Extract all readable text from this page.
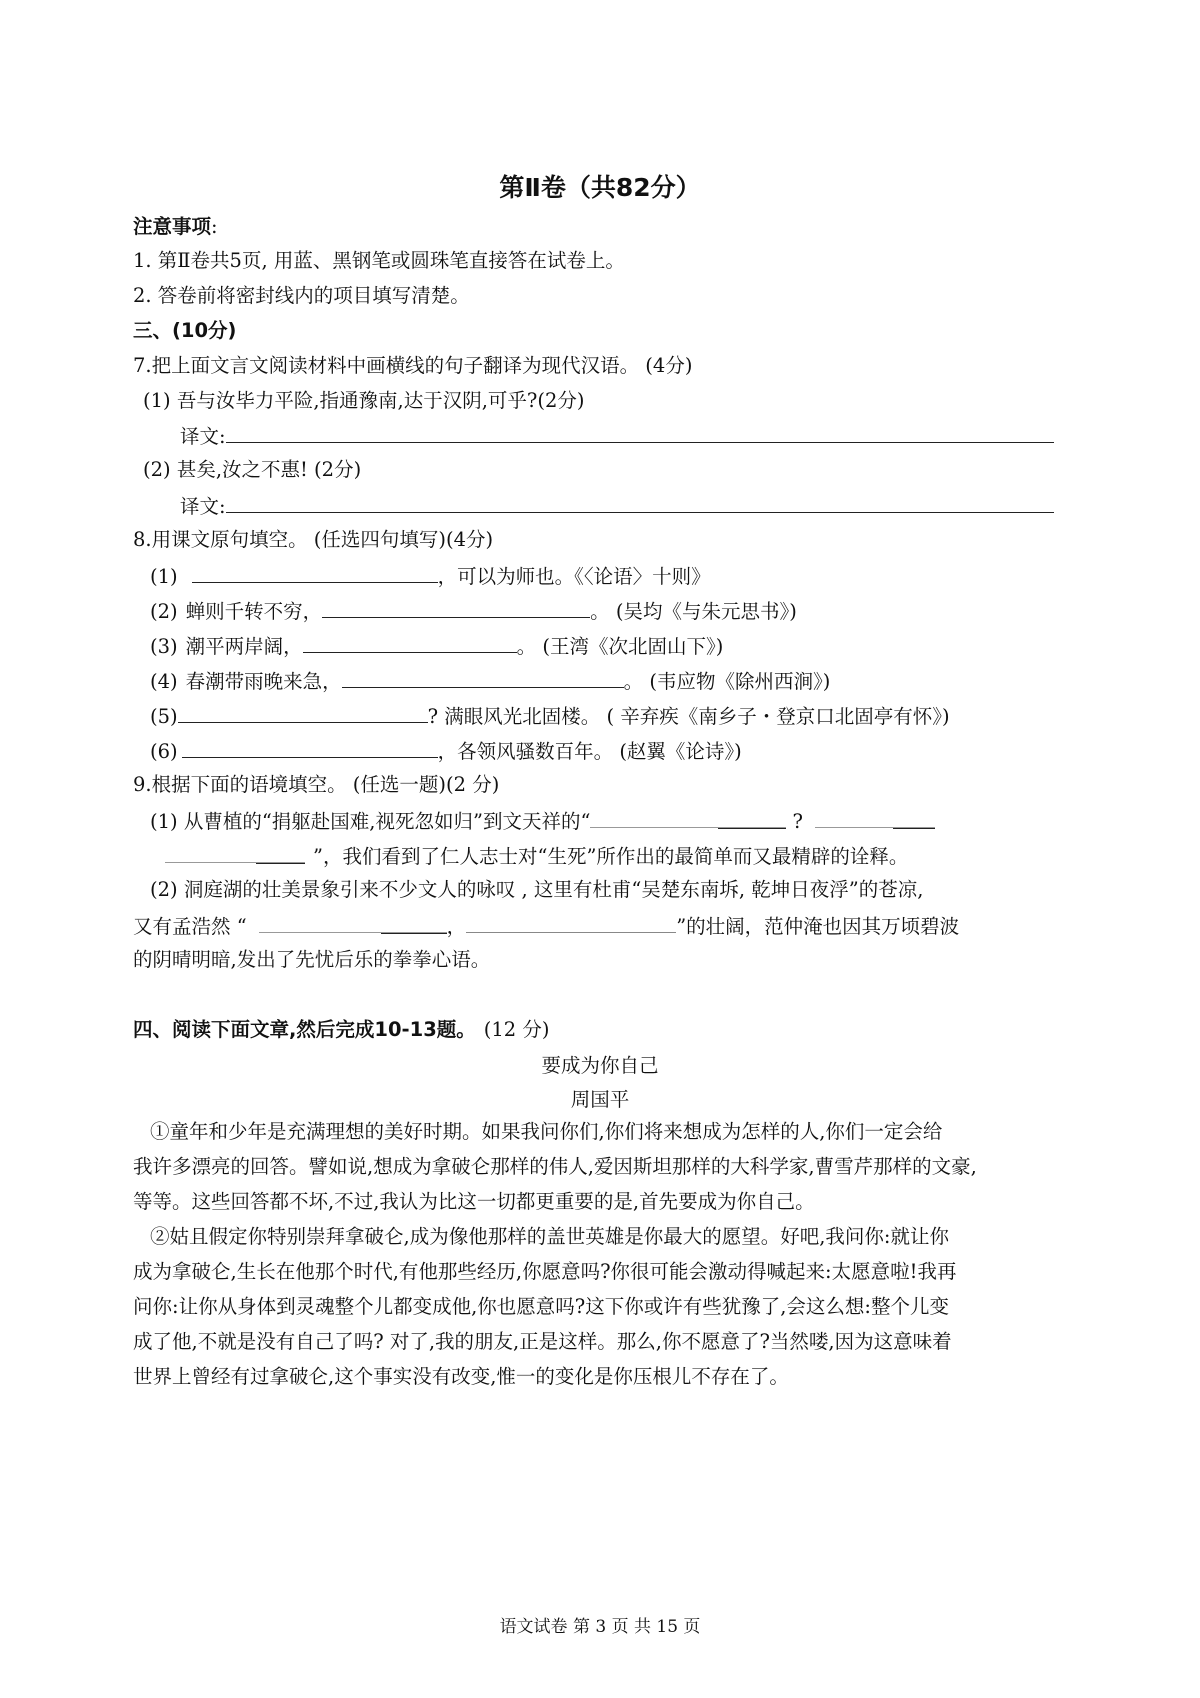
第Ⅱ卷（共82分）
注意事项:
1. 第Ⅱ卷共5页, 用蓝、黑钢笔或圆珠笔直接答在试卷上。
2. 答卷前将密封线内的项目填写清楚。
三、(10分)
7.把上面文言文阅读材料中画横线的句子翻译为现代汉语。 (4分)
(1) 吾与汝毕力平险,指通豫南,达于汉阴,可乎?(2分)
译文:
(2) 甚矣,汝之不惠! (2分)
译文:
8.用课文原句填空。 (任选四句填写)(4分)
(1)	，可以为师也。《〈论语〉十则》
(2) 蝉则千转不穷，	。 (吴均《与朱元思书》)
(3) 潮平两岸阔，	。 (王湾《次北固山下》)
(4) 春潮带雨晚来急，	。 (韦应物《除州西涧》)
(5)	? 满眼风光北固楼。 ( 辛弃疾《南乡子・登京口北固亭有怀》)
(6)	，各领风骚数百年。 (赵翼《论诗》)
9.根据下面的语境填空。 (任选一题)(2 分)
(1) 从曹植的“捐躯赴国难,视死忽如归”到文天祥的“	?
”，我们看到了仁人志士对“生死”所作出的最简单而又最精辟的诠释。
(2) 洞庭湖的壮美景象引来不少文人的咏叹 , 这里有杜甫“吴楚东南坼, 乾坤日夜浮”的苍凉,
又有孟浩然 “	，	”的壮阔，范仲淹也因其万顷碧波
的阴晴明暗,发出了先忧后乐的拳拳心语。
四、阅读下面文章,然后完成10-13题。 (12 分)
要成为你自己
周国平
①童年和少年是充满理想的美好时期。如果我问你们,你们将来想成为怎样的人,你们一定会给
我许多漂亮的回答。譬如说,想成为拿破仑那样的伟人,爱因斯坦那样的大科学家,曹雪芹那样的文豪,
等等。这些回答都不坏,不过,我认为比这一切都更重要的是,首先要成为你自己。
②姑且假定你特别崇拜拿破仑,成为像他那样的盖世英雄是你最大的愿望。好吧,我问你:就让你
成为拿破仑,生长在他那个时代,有他那些经历,你愿意吗?你很可能会激动得喊起来:太愿意啦!我再
问你:让你从身体到灵魂整个儿都变成他,你也愿意吗?这下你或许有些犹豫了,会这么想:整个儿变
成了他,不就是没有自己了吗? 对了,我的朋友,正是这样。那么,你不愿意了?当然喽,因为这意味着
世界上曾经有过拿破仑,这个事实没有改变,惟一的变化是你压根儿不存在了。
语文试卷 第 3 页 共 15 页
